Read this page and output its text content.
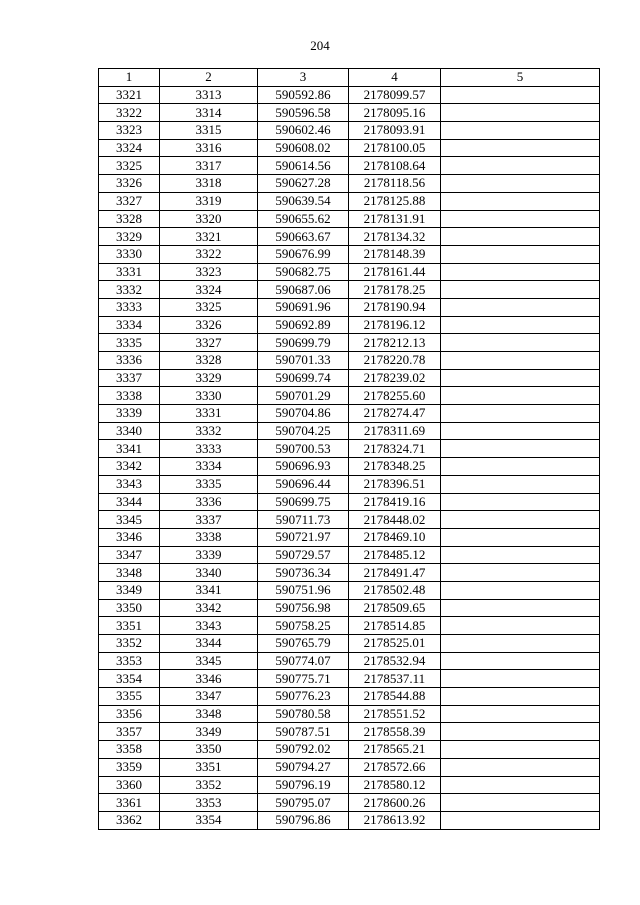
204
1	2	3	4	5
3321	3313	590592.86	2178099.57	
3322	3314	590596.58	2178095.16	
3323	3315	590602.46	2178093.91	
3324	3316	590608.02	2178100.05	
3325	3317	590614.56	2178108.64	
3326	3318	590627.28	2178118.56	
3327	3319	590639.54	2178125.88	
3328	3320	590655.62	2178131.91	
3329	3321	590663.67	2178134.32	
3330	3322	590676.99	2178148.39	
3331	3323	590682.75	2178161.44	
3332	3324	590687.06	2178178.25	
3333	3325	590691.96	2178190.94	
3334	3326	590692.89	2178196.12	
3335	3327	590699.79	2178212.13	
3336	3328	590701.33	2178220.78	
3337	3329	590699.74	2178239.02	
3338	3330	590701.29	2178255.60	
3339	3331	590704.86	2178274.47	
3340	3332	590704.25	2178311.69	
3341	3333	590700.53	2178324.71	
3342	3334	590696.93	2178348.25	
3343	3335	590696.44	2178396.51	
3344	3336	590699.75	2178419.16	
3345	3337	590711.73	2178448.02	
3346	3338	590721.97	2178469.10	
3347	3339	590729.57	2178485.12	
3348	3340	590736.34	2178491.47	
3349	3341	590751.96	2178502.48	
3350	3342	590756.98	2178509.65	
3351	3343	590758.25	2178514.85	
3352	3344	590765.79	2178525.01	
3353	3345	590774.07	2178532.94	
3354	3346	590775.71	2178537.11	
3355	3347	590776.23	2178544.88	
3356	3348	590780.58	2178551.52	
3357	3349	590787.51	2178558.39	
3358	3350	590792.02	2178565.21	
3359	3351	590794.27	2178572.66	
3360	3352	590796.19	2178580.12	
3361	3353	590795.07	2178600.26	
3362	3354	590796.86	2178613.92	
